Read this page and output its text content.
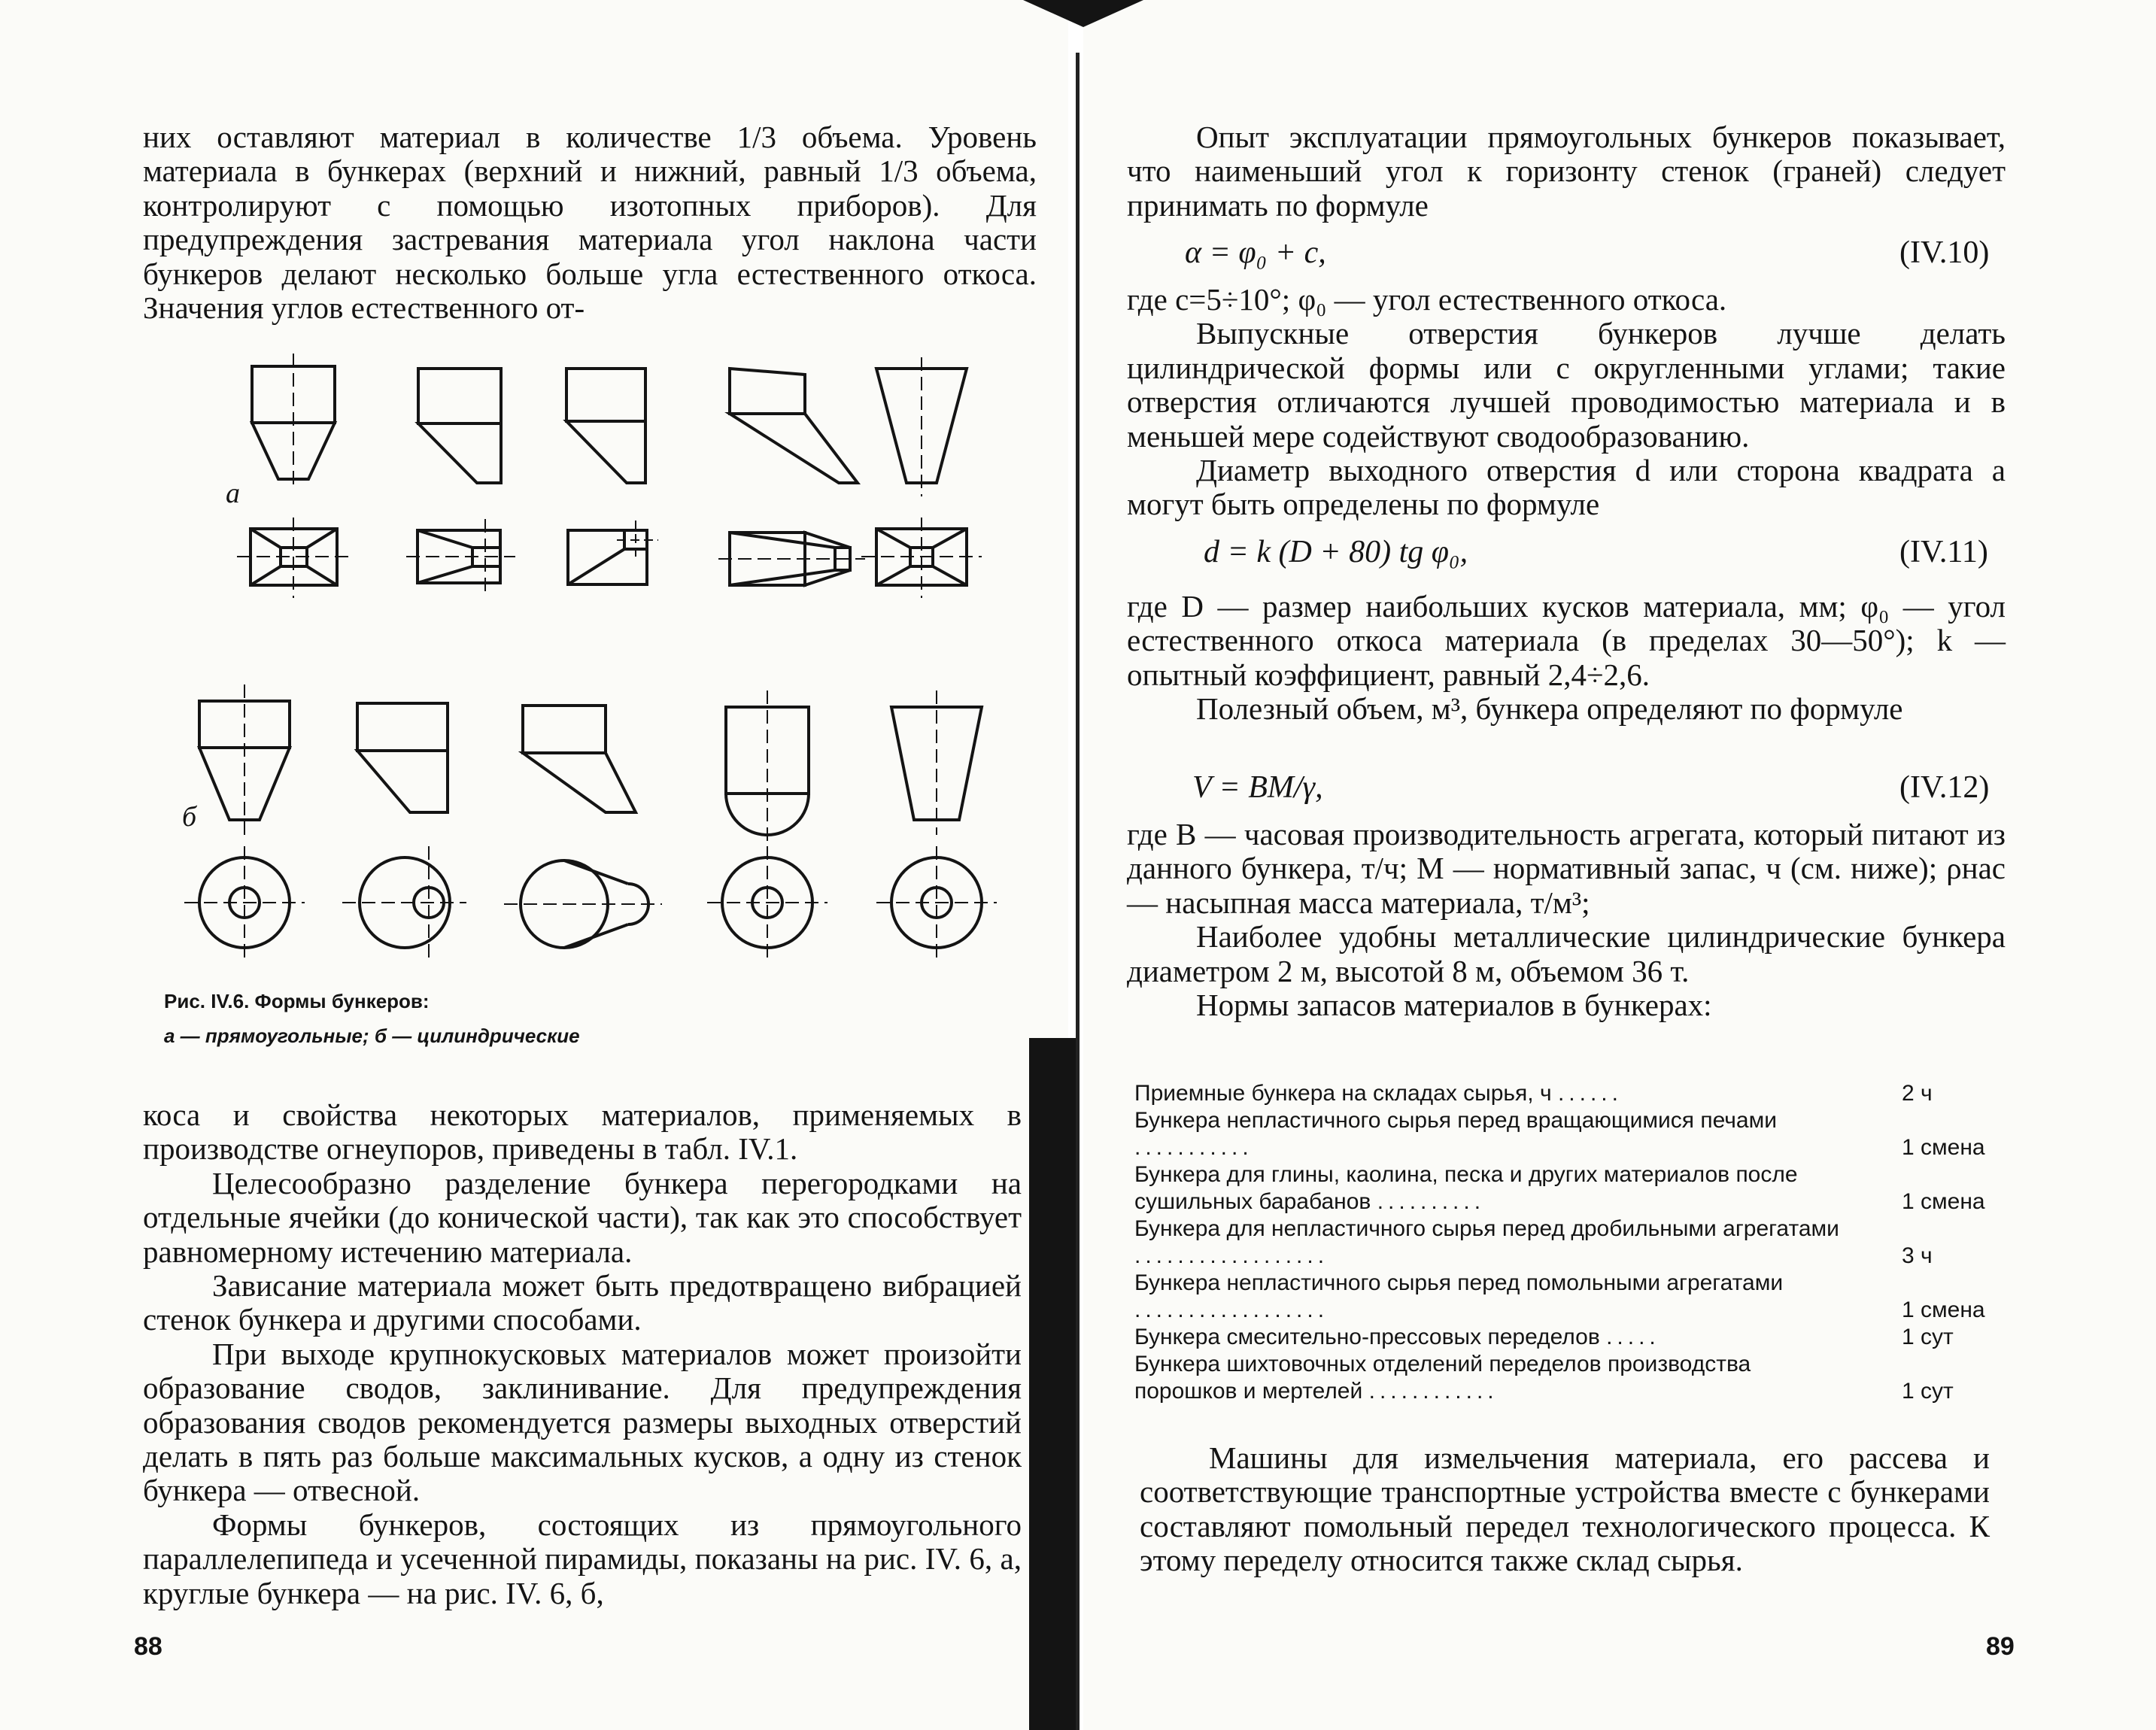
них оставляют материал в количестве 1/3 объема. Уровень материала в бункерах (верхний и нижний, равный 1/3 объема, контролируют с помощью изотопных приборов). Для предупреждения застревания материала угол наклона части бункеров делают несколько больше угла естественного откоса. Значения углов естественного от-

а
б
Рис. IV.6. Формы бункеров:
а — прямоугольные; б — цилиндрические

коса и свойства некоторых материалов, применяемых в производстве огнеупоров, приведены в табл. IV.1.

Целесообразно разделение бункера перегородками на отдельные ячейки (до конической части), так как это способствует равномерному истечению материала.

Зависание материала может быть предотвращено вибрацией стенок бункера и другими способами.

При выходе крупнокусковых материалов может произойти образование сводов, заклинивание. Для предупреждения образования сводов рекомендуется размеры выходных отверстий делать в пять раз больше максимальных кусков, а одну из стенок бункера — отвесной.

Формы бункеров, состоящих из прямоугольного параллелепипеда и усеченной пирамиды, показаны на рис. IV. 6, а, круглые бункера — на рис. IV. 6, б,

88

Опыт эксплуатации прямоугольных бункеров показывает, что наименьший угол к горизонту стенок (граней) следует принимать по формуле

α = φ₀ + c,	(IV.10)

где c=5÷10°; φ₀ — угол естественного откоса.

Выпускные отверстия бункеров лучше делать цилиндрической формы или с округленными углами; такие отверстия отличаются лучшей проводимостью материала и в меньшей мере содействуют сводообразованию.

Диаметр выходного отверстия d или сторона квадрата a могут быть определены по формуле

d = k (D + 80) tg φ₀,	(IV.11)

где D — размер наибольших кусков материала, мм; φ₀ — угол естественного откоса материала (в пределах 30—50°); k — опытный коэффициент, равный 2,4÷2,6.

Полезный объем, м³, бункера определяют по формуле

V = BM/γ,	(IV.12)

где B — часовая производительность агрегата, который питают из данного бункера, т/ч; M — нормативный запас, ч (см. ниже); ρнас — насыпная масса материала, т/м³;

Наиболее удобны металлические цилиндрические бункера диаметром 2 м, высотой 8 м, объемом 36 т.

Нормы запасов материалов в бункерах:

Приемные бункера на складах сырья, ч ......	2 ч
Бункера непластичного сырья перед вращающимися печами ...........	1 смена
Бункера для глины, каолина, песка и других материалов после сушильных барабанов ..........	1 смена
Бункера для непластичного сырья перед дробильными агрегатами ..................	3 ч
Бункера непластичного сырья перед помольными агрегатами ..................	1 смена
Бункера смесительно-прессовых переделов .....	1 сут
Бункера шихтовочных отделений переделов производства порошков и мертелей ............	1 сут

Машины для измельчения материала, его рассева и соответствующие транспортные устройства вместе с бункерами составляют помольный передел технологического процесса. К этому переделу относится также склад сырья.

89
